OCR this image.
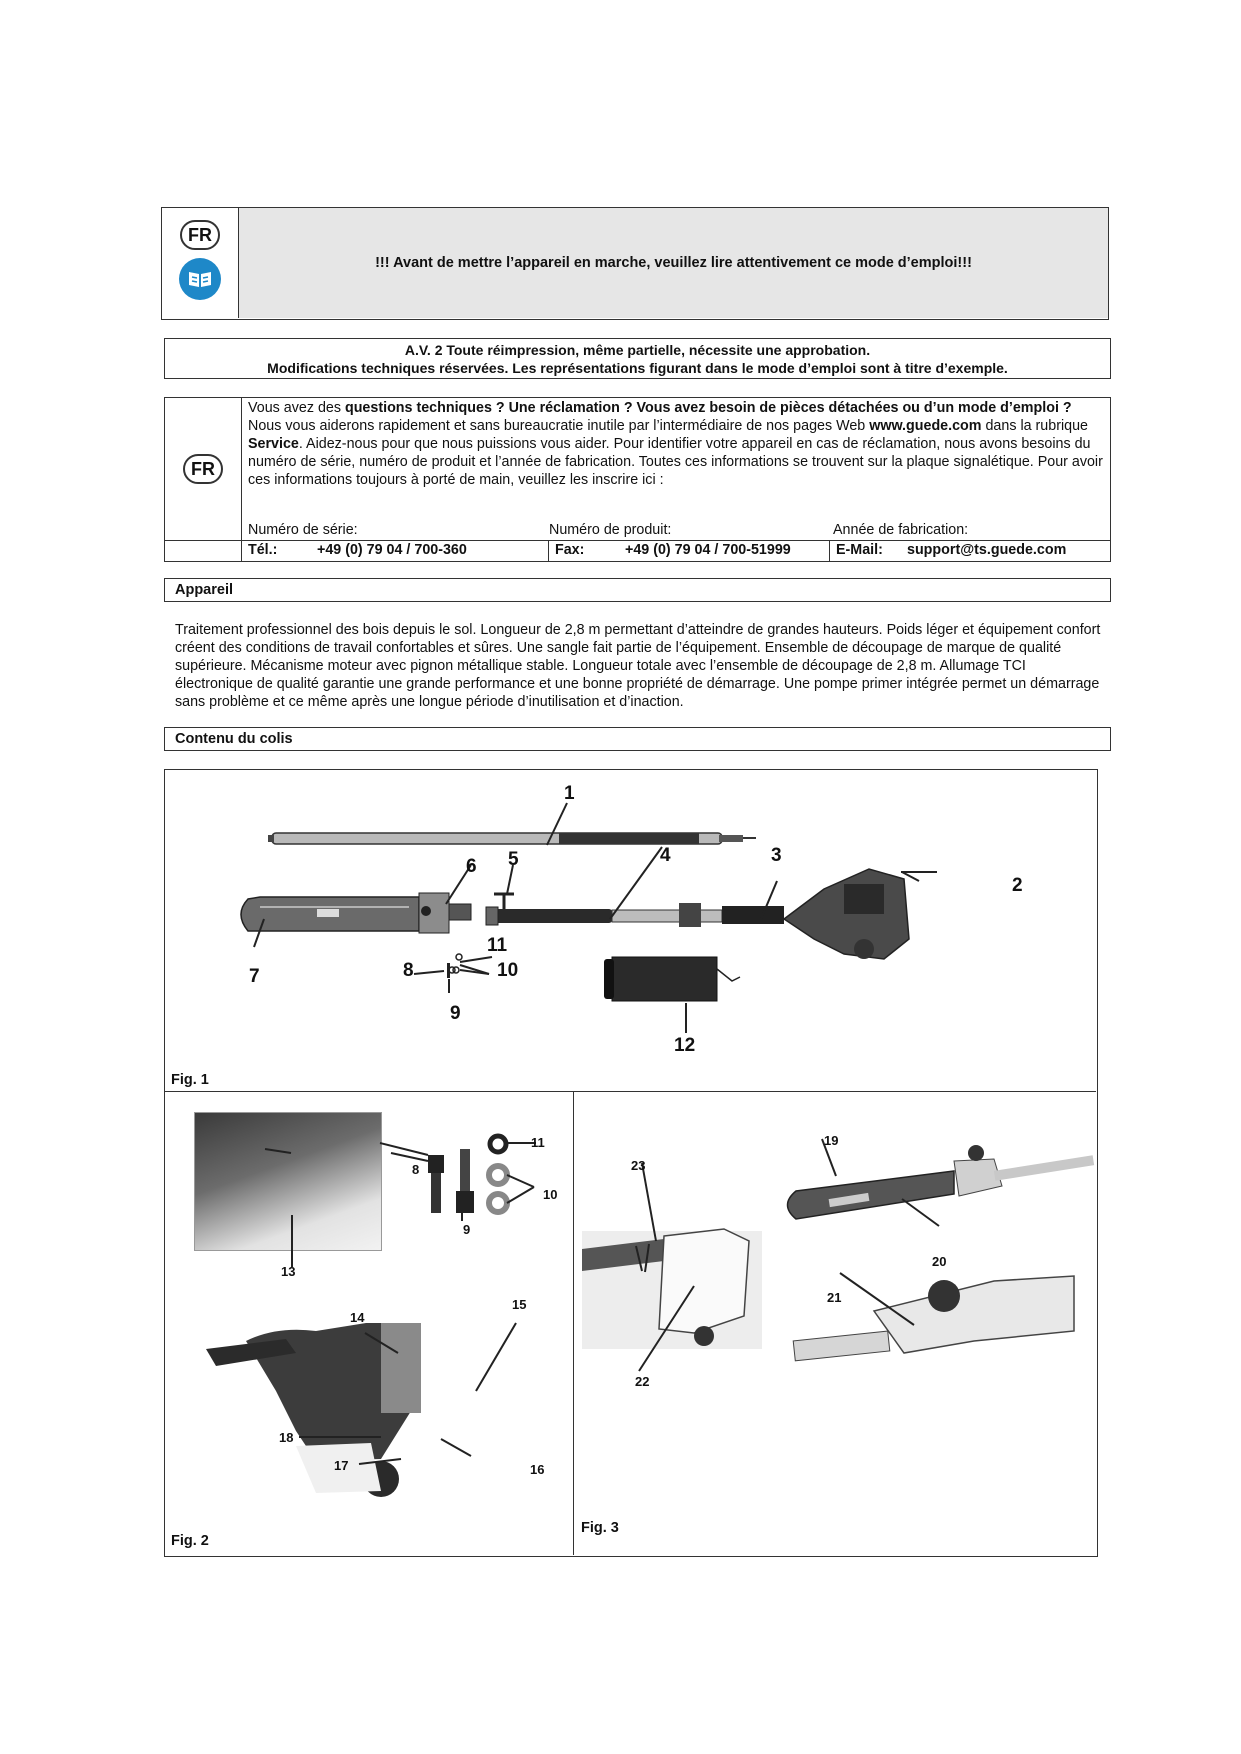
FR
!!! Avant de mettre l’appareil en marche, veuillez lire attentivement ce mode d’emploi!!!
A.V. 2 Toute réimpression, même partielle, nécessite une approbation.
Modifications techniques réservées. Les représentations figurant dans le mode d’emploi sont à titre d’exemple.
FR
Vous avez des questions techniques ? Une réclamation ? Vous avez besoin de pièces détachées ou d’un mode d’emploi ?
Nous vous aiderons rapidement et sans bureaucratie inutile par l’intermédiaire de nos pages Web www.guede.com dans la rubrique Service. Aidez-nous pour que nous puissions vous aider. Pour identifier votre appareil en cas de réclamation, nous avons besoins du numéro de série, numéro de produit et l’année de fabrication. Toutes ces informations se trouvent sur la plaque signalétique. Pour avoir ces informations toujours à porté de main, veuillez les inscrire ici :
Numéro de série:	Numéro de produit:	Année de fabrication:
Tél.:	+49 (0) 79 04 / 700-360	Fax:	+49 (0) 79 04 / 700-51999	E-Mail: support@ts.guede.com
Appareil
Traitement professionnel des bois depuis le sol. Longueur de 2,8 m permettant d’atteindre de grandes hauteurs. Poids léger et équipement confort créent des conditions de travail confortables et sûres. Une sangle fait partie de l’équipement. Ensemble de découpage de marque de qualité supérieure. Mécanisme moteur avec pignon métallique stable. Longueur totale avec l’ensemble de découpage de 2,8 m. Allumage TCI électronique de qualité garantie une grande performance et une bonne propriété de démarrage. Une pompe primer intégrée permet un démarrage sans problème et ce même après une longue période d’inutilisation et d’inaction.
Contenu du colis
1
2
3
4
5
6
7	8
9
10
11
12
Fig. 1
8
9
10
11
13
14
15
16
17
18
Fig. 2
19
20
21
22
23
Fig. 3
